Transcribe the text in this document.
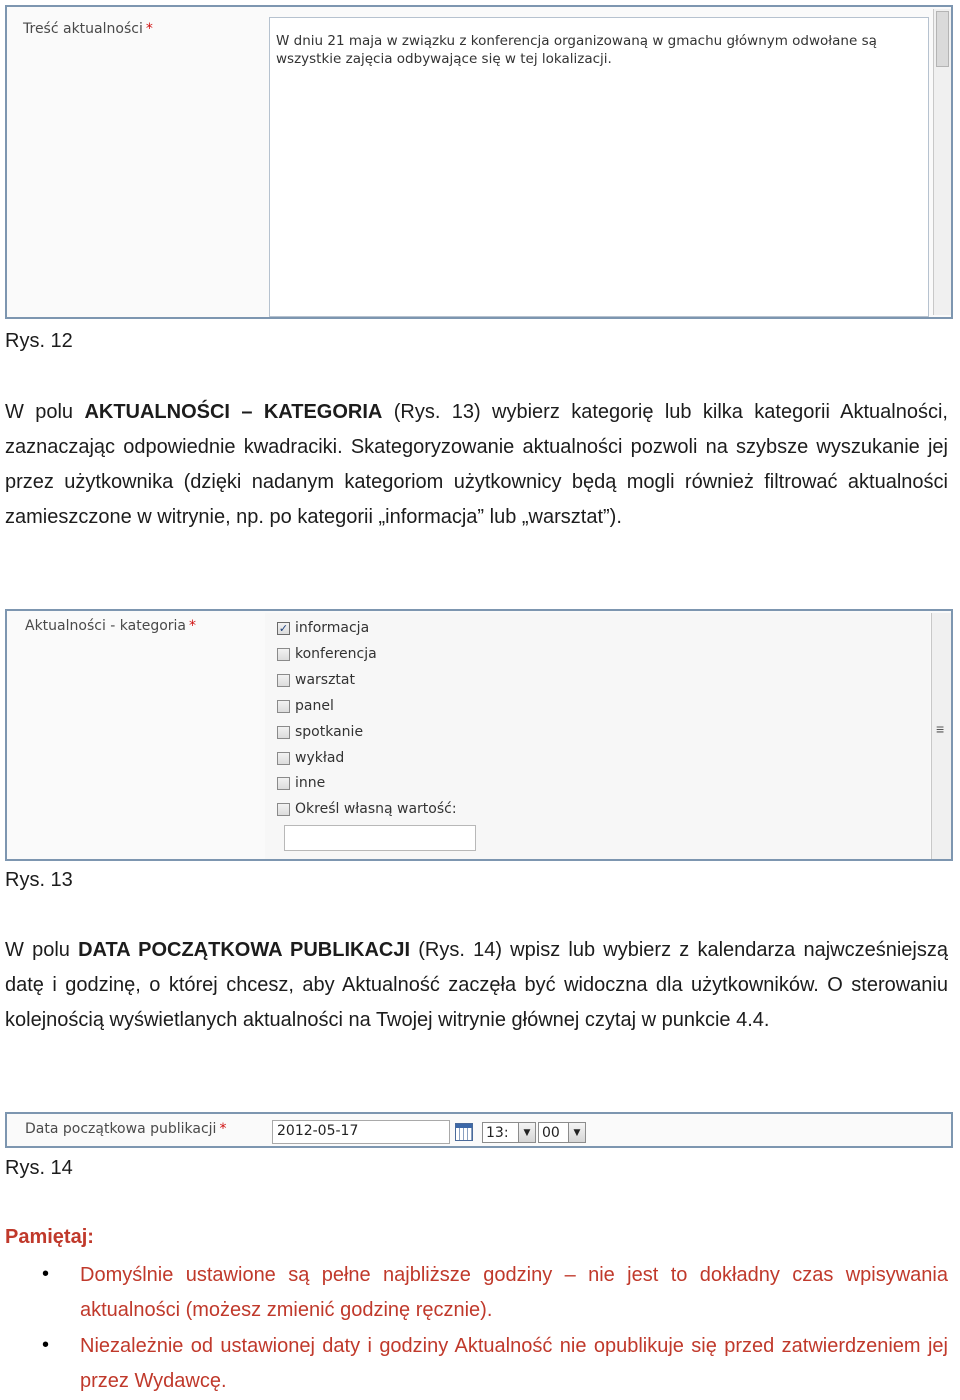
Treść aktualności *
W dniu 21 maja w związku z konferencja organizowaną w gmachu głównym odwołane są wszystkie zajęcia odbywające się w tej lokalizacji.
Rys. 12
W polu AKTUALNOŚCI – KATEGORIA (Rys. 13) wybierz kategorię lub kilka kategorii Aktualności, zaznaczając odpowiednie kwadraciki. Skategoryzowanie aktualności pozwoli na szybsze wyszukanie jej przez użytkownika (dzięki nadanym kategoriom użytkownicy będą mogli również filtrować aktualności zamieszczone w witrynie, np. po kategorii „informacja” lub „warsztat”).
Aktualności - kategoria *
≡
✓ informacja
konferencja
warsztat
panel
spotkanie
wykład
inne
Określ własną wartość:
Rys. 13
W polu DATA POCZĄTKOWA PUBLIKACJI (Rys. 14) wpisz lub wybierz z kalendarza najwcześniejszą datę i godzinę, o której chcesz, aby Aktualność zaczęła być widoczna dla użytkowników. O sterowaniu kolejnością wyświetlanych aktualności na Twojej witrynie głównej czytaj w punkcie 4.4.
Data początkowa publikacji *	2012-05-17	13:	▼ 00	▼
Rys. 14
Pamiętaj:
• Domyślnie ustawione są pełne najbliższe godziny – nie jest to dokładny czas wpisywania aktualności (możesz zmienić godzinę ręcznie).
• Niezależnie od ustawionej daty i godziny Aktualność nie opublikuje się przed zatwierdzeniem jej przez Wydawcę.
